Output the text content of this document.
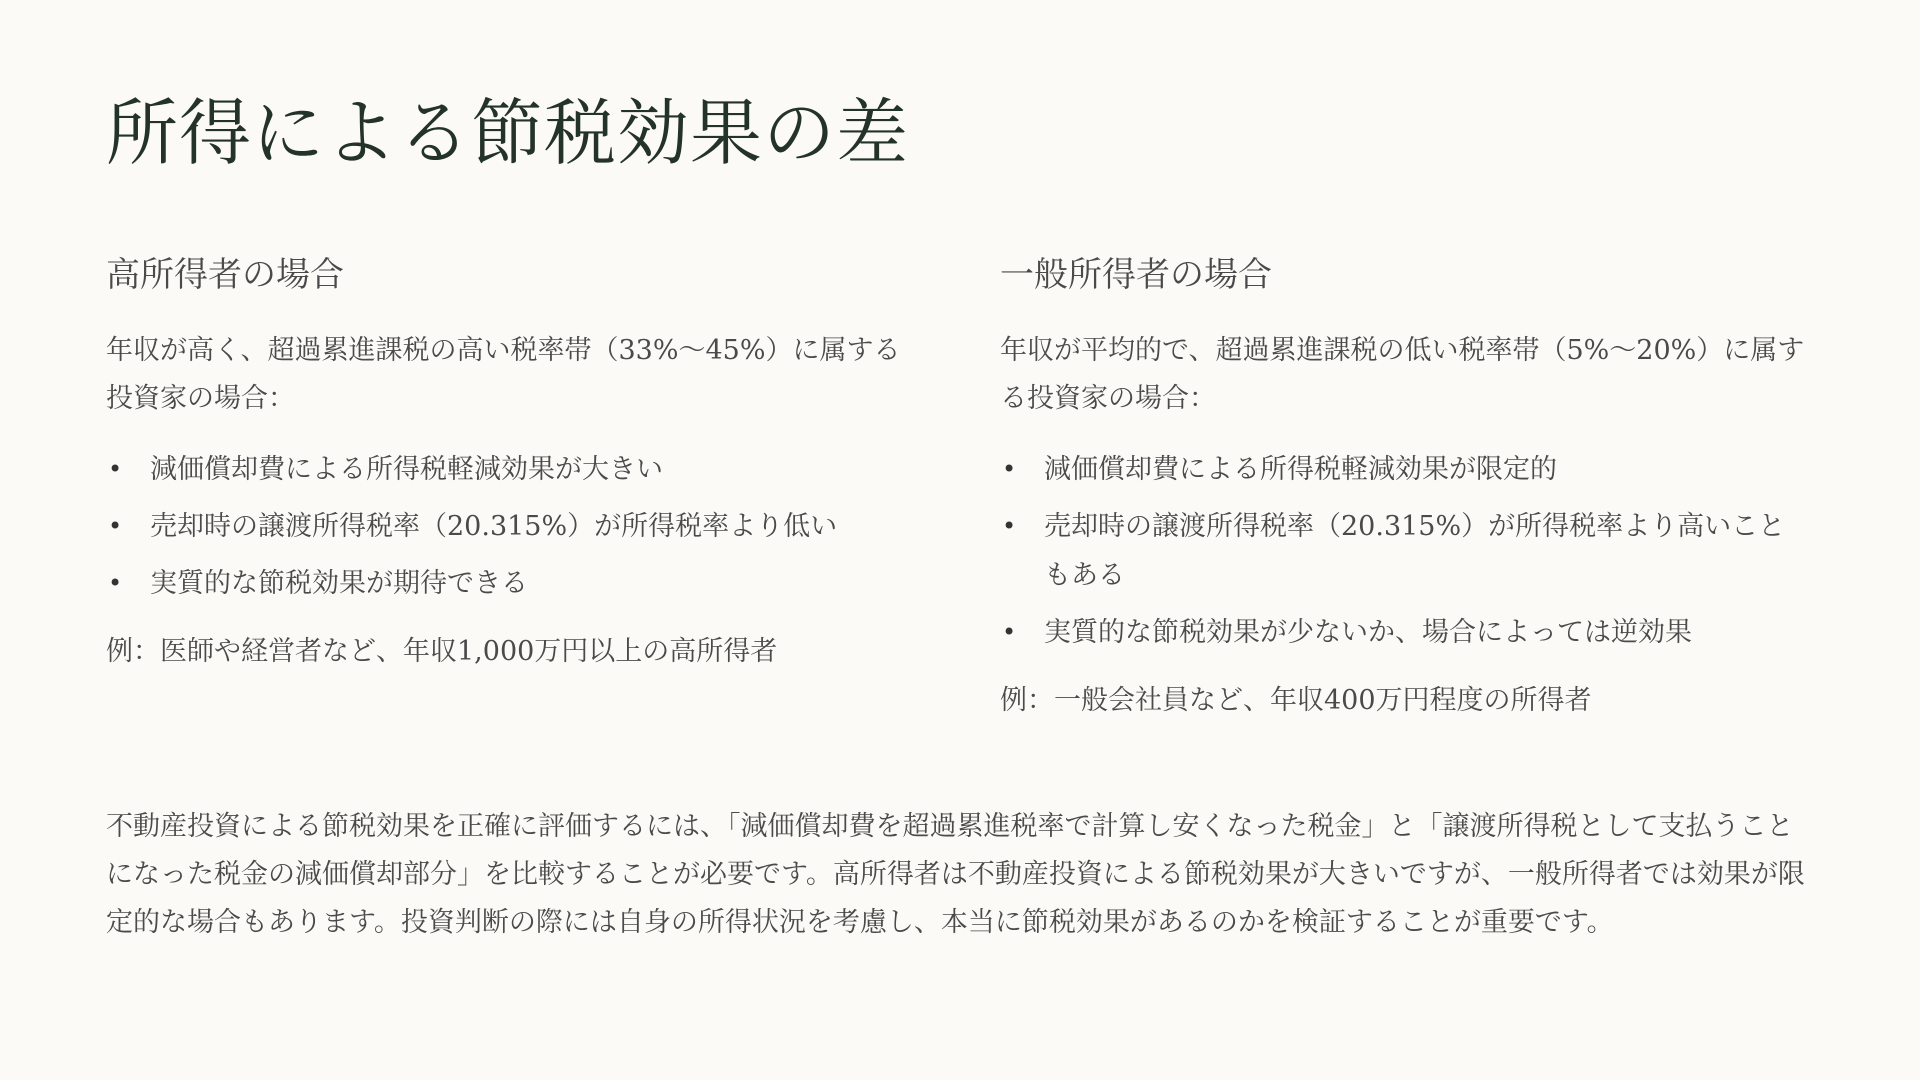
所得による節税効果の差
高所得者の場合

年収が高く、超過累進課税の高い税率帯（33%〜45%）に属する投資家の場合：

• 減価償却費による所得税軽減効果が大きい
• 売却時の譲渡所得税率（20.315%）が所得税率より低い
• 実質的な節税効果が期待できる

例：医師や経営者など、年収1,000万円以上の高所得者

一般所得者の場合

年収が平均的で、超過累進課税の低い税率帯（5%〜20%）に属する投資家の場合：

• 減価償却費による所得税軽減効果が限定的
• 売却時の譲渡所得税率（20.315%）が所得税率より高いこともある
• 実質的な節税効果が少ないか、場合によっては逆効果

例：一般会社員など、年収400万円程度の所得者

不動産投資による節税効果を正確に評価するには、「減価償却費を超過累進税率で計算し安くなった税金」と「譲渡所得税として支払うことになった税金の減価償却部分」を比較することが必要です。高所得者は不動産投資による節税効果が大きいですが、一般所得者では効果が限定的な場合もあります。投資判断の際には自身の所得状況を考慮し、本当に節税効果があるのかを検証することが重要です。
